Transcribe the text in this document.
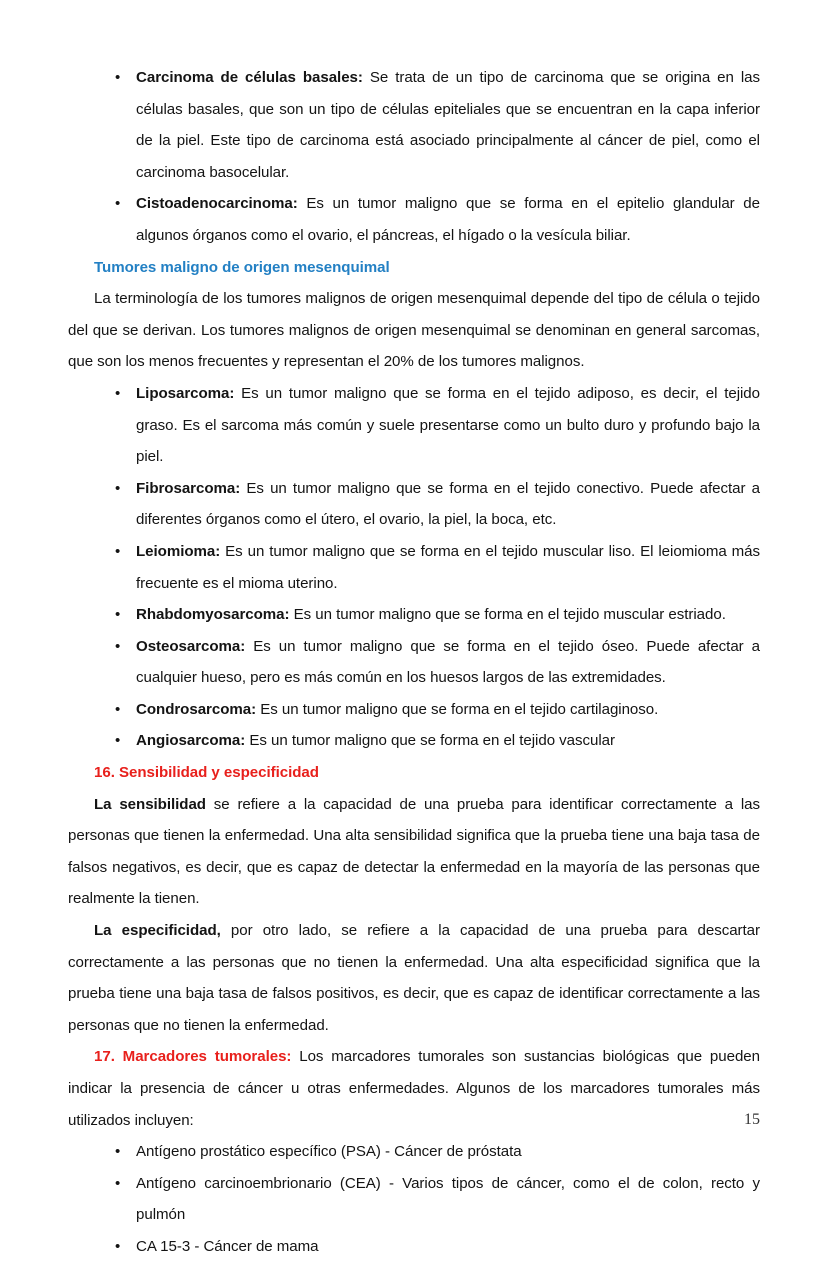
• Carcinoma de células basales: Se trata de un tipo de carcinoma que se origina en las células basales, que son un tipo de células epiteliales que se encuentran en la capa inferior de la piel. Este tipo de carcinoma está asociado principalmente al cáncer de piel, como el carcinoma basocelular.
• Cistoadenocarcinoma: Es un tumor maligno que se forma en el epitelio glandular de algunos órganos como el ovario, el páncreas, el hígado o la vesícula biliar.
Tumores maligno de origen mesenquimal

La terminología de los tumores malignos de origen mesenquimal depende del tipo de célula o tejido del que se derivan. Los tumores malignos de origen mesenquimal se denominan en general sarcomas, que son los menos frecuentes y representan el 20% de los tumores malignos.

• Liposarcoma: Es un tumor maligno que se forma en el tejido adiposo, es decir, el tejido graso. Es el sarcoma más común y suele presentarse como un bulto duro y profundo bajo la piel.
• Fibrosarcoma: Es un tumor maligno que se forma en el tejido conectivo. Puede afectar a diferentes órganos como el útero, el ovario, la piel, la boca, etc.
• Leiomioma: Es un tumor maligno que se forma en el tejido muscular liso. El leiomioma más frecuente es el mioma uterino.
• Rhabdomyosarcoma: Es un tumor maligno que se forma en el tejido muscular estriado.
• Osteosarcoma: Es un tumor maligno que se forma en el tejido óseo. Puede afectar a cualquier hueso, pero es más común en los huesos largos de las extremidades.
• Condrosarcoma: Es un tumor maligno que se forma en el tejido cartilaginoso.
• Angiosarcoma: Es un tumor maligno que se forma en el tejido vascular
16. Sensibilidad y especificidad

La sensibilidad se refiere a la capacidad de una prueba para identificar correctamente a las personas que tienen la enfermedad. Una alta sensibilidad significa que la prueba tiene una baja tasa de falsos negativos, es decir, que es capaz de detectar la enfermedad en la mayoría de las personas que realmente la tienen.

La especificidad, por otro lado, se refiere a la capacidad de una prueba para descartar correctamente a las personas que no tienen la enfermedad. Una alta especificidad significa que la prueba tiene una baja tasa de falsos positivos, es decir, que es capaz de identificar correctamente a las personas que no tienen la enfermedad.

17. Marcadores tumorales: Los marcadores tumorales son sustancias biológicas que pueden indicar la presencia de cáncer u otras enfermedades. Algunos de los marcadores tumorales más utilizados incluyen:

• Antígeno prostático específico (PSA) - Cáncer de próstata
• Antígeno carcinoembrionario (CEA) - Varios tipos de cáncer, como el de colon, recto y pulmón
• CA 15-3 - Cáncer de mama
15
